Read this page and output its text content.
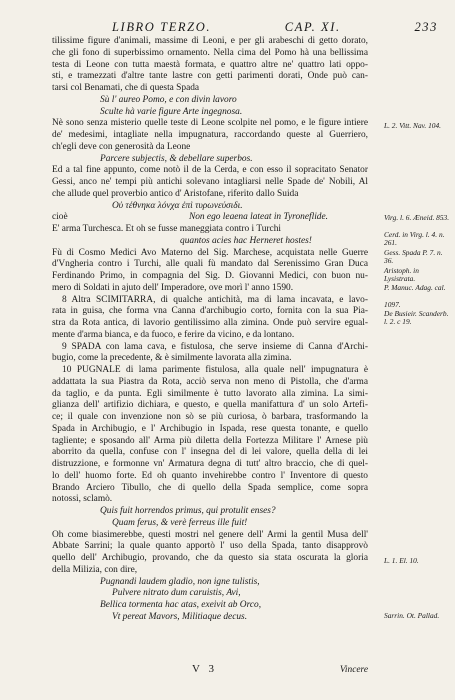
LIBRO TERZO.	CAP. XI.	233
tilissime figure d'animali, massime di Leoni, e per gli arabeschi di getto dorato,
che gli fono di superbissimo ornamento. Nella cima del Pomo hà una bellissima
testa di Leone con tutta maestà formata, e quattro altre ne' quattro lati oppo-
sti, e tramezzati d'altre tante lastre con getti parimenti dorati, Onde può can-
tarsi col Benamati, che di questa Spada
Sù l' aureo Pomo, e con divin lavoro
Sculte hà varie figure Arte ingegnosa.
Nè sono senza misterio quelle teste di Leone scolpite nel pomo, e le figure intiere
de' medesimi, intagliate nella impugnatura, raccordando queste al Guerriero,
ch'egli deve con generosità da Leone
Parcere subjectis, & debellare superbos.
Ed a tal fine appunto, come notò il de la Cerda, e con esso il sopracitato Senator
Gessi, anco ne' tempi più antichi solevano intagliarsi nelle Spade de' Nobili, Al
che allude quel proverbio antico d' Aristofane, riferito dallo Suida
Οὐ τέθνηκα λόνχα ἐπὶ τυρωνεύσιδι.
cioè	Non ego leaena lateat in Tyroneflide.
E' arma Turchesca. Et oh se fusse maneggiata contro i Turchi
quantos acies hac Herneret hostes!
Fù di Cosmo Medici Avo Materno del Sig. Marchese, acquistata nelle Guerre
d'Vngheria contro i Turchi, alle quali fù mandato dal Serenissimo Gran Duca
Ferdinando Primo, in compagnia del Sig. D. Giovanni Medici, con buon nu-
mero di Soldati in ajuto dell' Imperadore, ove morì l' anno 1590.
8 Altra SCIMITARRA, di qualche antichità, ma di lama incavata, e lavo-
rata in guisa, che forma vna Canna d'archibugio corto, fornita con la sua Pia-
stra da Rota antica, di lavorio gentilissimo alla zimina. Onde può servire egual-
mente d'arma bianca, e da fuoco, e ferire da vicino, e da lontano.
9 SPADA con lama cava, e fistulosa, che serve insieme di Canna d'Archi-
bugio, come la precedente, & è similmente lavorata alla zimina.
10 PUGNALE di lama parimente fistulosa, alla quale nell' impugnatura è
addattata la sua Piastra da Rota, acciò serva non meno di Pistolla, che d'arma
da taglio, e da punta. Egli similmente è tutto lavorato alla zimina. La simi-
glianza dell' artifizio dichiara, e questo, e quella manifattura d' un solo Artefi-
ce; il quale con invenzione non sò se più curiosa, ò barbara, trasformando la
Spada in Archibugio, e l' Archibugio in Ispada, rese questa tonante, e quello
tagliente; e sposando all' Arma più diletta della Fortezza Militare l' Arnese più
aborrito da quella, confuse con l' insegna del di lei valore, quella della di lei
distruzzione, e formonne vn' Armatura degna di tutt' altro braccio, che di quel-
lo dell' huomo forte. Ed oh quanto invehirebbe contro l' Inventore di questo
Brando Arciero Tibullo, che di quello della Spada semplice, come sopra
notossi, sclamò.
Quis fuit horrendos primus, qui protulit enses?
Quam ferus, & verè ferreus ille fuit!
Oh come biasimerebbe, questi mostri nel genere dell' Armi la gentil Musa dell'
Abbate Sarrini; la quale quanto apportò l' uso della Spada, tanto disapprovò
quello dell' Archibugio, provando, che da questo sia stata oscurata la gloria
della Milizia, con dire,
Pugnandi laudem gladio, non igne tulistis,
Pulvere nitrato dum caruistis, Avi,
Bellica tormenta hac atas, exeivit ab Orco,
Vt pereat Mavors, Militiaque decus.
L. 2. Vitt. Nav. 104.
Virg. l. 6. Æneid. 853.
Cerd. in Virg. l. 4. n. 261.
Gess. Spada P. 7. n. 36.
Aristoph. in Lysistrata.
P. Manuc. Adag. cal.
1097.
De Busieir. Scanderb. l. 2. c 19.
L. 1. El. 10.
Sarrin. Ot. Pallad.
V 3	Vincere
